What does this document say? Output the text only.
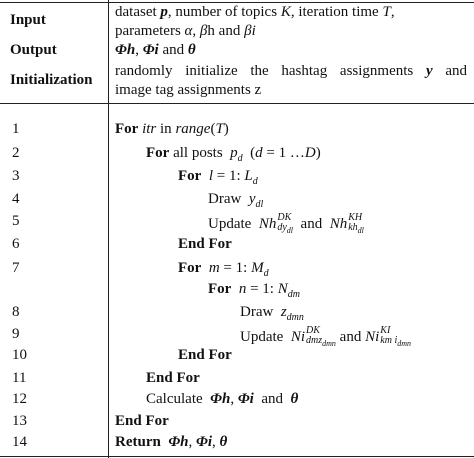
Input	dataset p, number of topics K, iteration time T,
parameters α, βh and βi
Output	Φh, Φi and θ
Initialization
randomly initialize the hashtag assignments y and
image tag assignments z
1	For itr in range(T)
2	For all posts  $p_d$  (d = 1 …D)
3	For l = 1: $L_d$
4	Draw  $y_{dl}$
5	Update  Nh DK
$dy_{dl}$ and  Nh KH
$kh_{dl}$
6	End For
7	For m = 1: $M_d$
For n = 1: $N_{dm}$
8	Draw  $z_{dmn}$
9	Update  Ni DK
dmz$_{dmn}$ and Ni KI
km $i_{dmn}$
10	End For
11	End For
12	Calculate  Φh, Φi  and  θ
13	End For
14	Return Φh, Φi, θ
